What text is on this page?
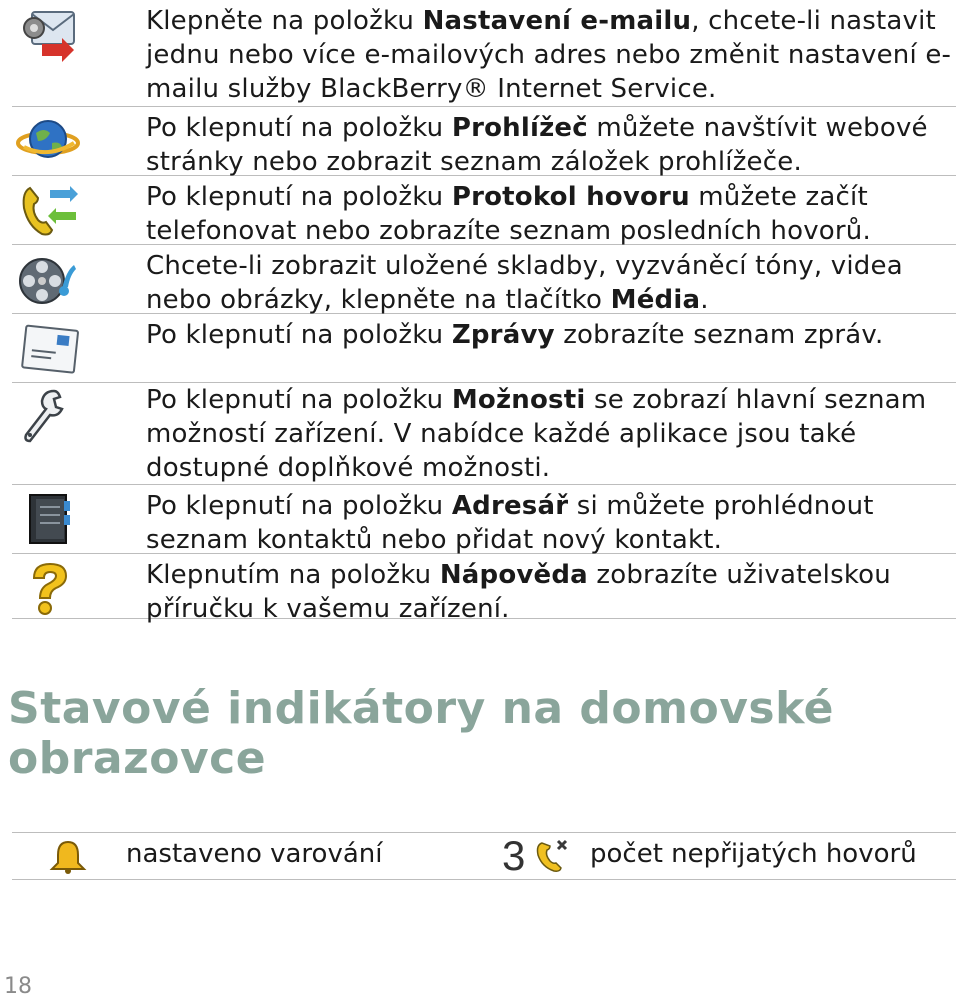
Klepněte na položku Nastavení e-mailu, chcete-li nastavit jednu nebo více e-mailových adres nebo změnit nastavení e-mailu služby BlackBerry® Internet Service.
Po klepnutí na položku Prohlížeč můžete navštívit webové stránky nebo zobrazit seznam záložek prohlížeče.
Po klepnutí na položku Protokol hovoru můžete začít telefonovat nebo zobrazíte seznam posledních hovorů.
Chcete-li zobrazit uložené skladby, vyzváněcí tóny, videa nebo obrázky, klepněte na tlačítko Média.
Po klepnutí na položku Zprávy zobrazíte seznam zpráv.
Po klepnutí na položku Možnosti se zobrazí hlavní seznam možností zařízení. V nabídce každé aplikace jsou také dostupné doplňkové možnosti.
Po klepnutí na položku Adresář si můžete prohlédnout seznam kontaktů nebo přidat nový kontakt.
Klepnutím na položku Nápověda zobrazíte uživatelskou příručku k vašemu zařízení.
Stavové indikátory na domovské obrazovce
nastaveno varování	3 počet nepřijatých hovorů
18
